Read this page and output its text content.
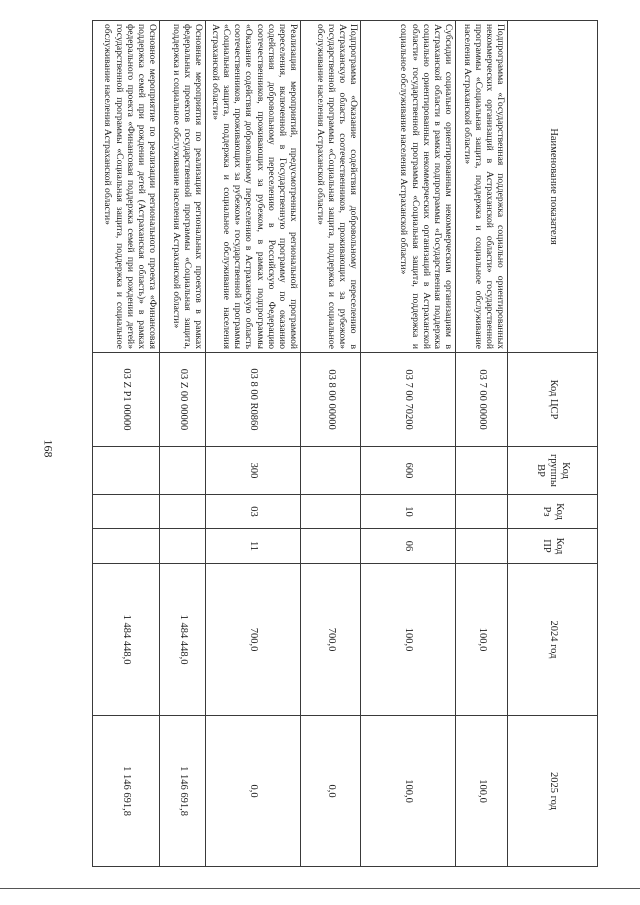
168
Наименование показателя	Код ЦСР	Код группы ВР	Код Рз	Код ПР	2024 год	2025 год
Подпрограмма «Государственная поддержка социально ориентированных некоммерческих организаций в Астраханской области» государственной программы «Социальная защита, поддержка и социальное обслуживание населения Астраханской области»	03 7 00 00000				100,0	100,0
Субсидии социально ориентированным некоммерческим организациям в Астраханской области в рамках подпрограммы «Государственная поддержка социально ориентированных некоммерческих организаций в Астраханской области» государственной программы «Социальная защита, поддержка и социальное обслуживание населения Астраханской области»	03 7 00 70200	600	10	06	100,0	100,0
Подпрограмма «Оказание содействия добровольному переселению в Астраханскую область соотечественников, проживающих за рубежом» государственной программы «Социальная защита, поддержка и социальное обслуживание населения Астраханской области»	03 8 00 00000				700,0	0,0
Реализация мероприятий, предусмотренных региональной программой переселения, включенной в Государственную программу по оказанию содействия добровольному переселению в Российскую Федерацию соотечественников, проживающих за рубежом, в рамках подпрограммы «Оказание содействия добровольному переселению в Астраханскую область соотечественников, проживающих за рубежом» государственной программы «Социальная защита, поддержка и социальное обслуживание населения Астраханской области»	03 8 00 R0860	300	03	11	700,0	0,0
Основные мероприятия по реализации региональных проектов в рамках федеральных проектов государственной программы «Социальная защита, поддержка и социальное обслуживание населения Астраханской области»	03 Z 00 00000				1 484 448,0	1 146 691,8
Основное мероприятие по реализации регионального проекта «Финансовая поддержка семей при рождении детей (Астраханская область)» в рамках федерального проекта «Финансовая поддержка семей при рождении детей» государственной программы «Социальная защита, поддержка и социальное обслуживание населения Астраханской области»	03 Z P1 00000				1 484 448,0	1 146 691,8
